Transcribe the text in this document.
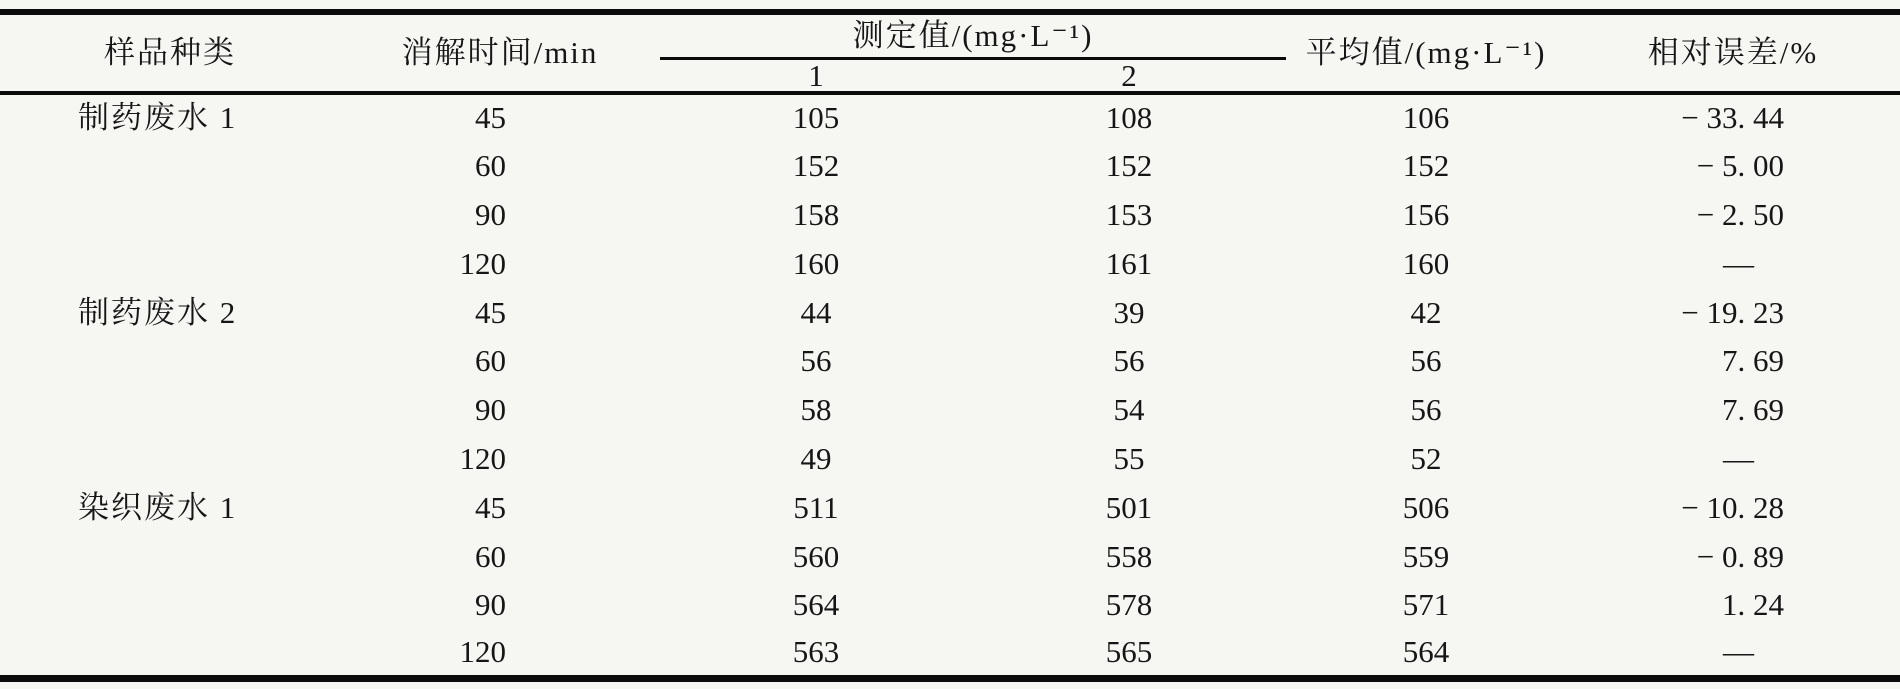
样品种类	消解时间/min	测定值/(mg·L⁻¹)		平均值/(mg·L⁻¹)	相对误差/%
		1	2		
制药废水 1	45	105	108	106	− 33. 44
	60	152	152	152	− 5. 00
	90	158	153	156	− 2. 50
	120	160	161	160	—
制药废水 2	45	44	39	42	− 19. 23
	60	56	56	56	7. 69
	90	58	54	56	7. 69
	120	49	55	52	—
染织废水 1	45	511	501	506	− 10. 28
	60	560	558	559	− 0. 89
	90	564	578	571	1. 24
	120	563	565	564	—
